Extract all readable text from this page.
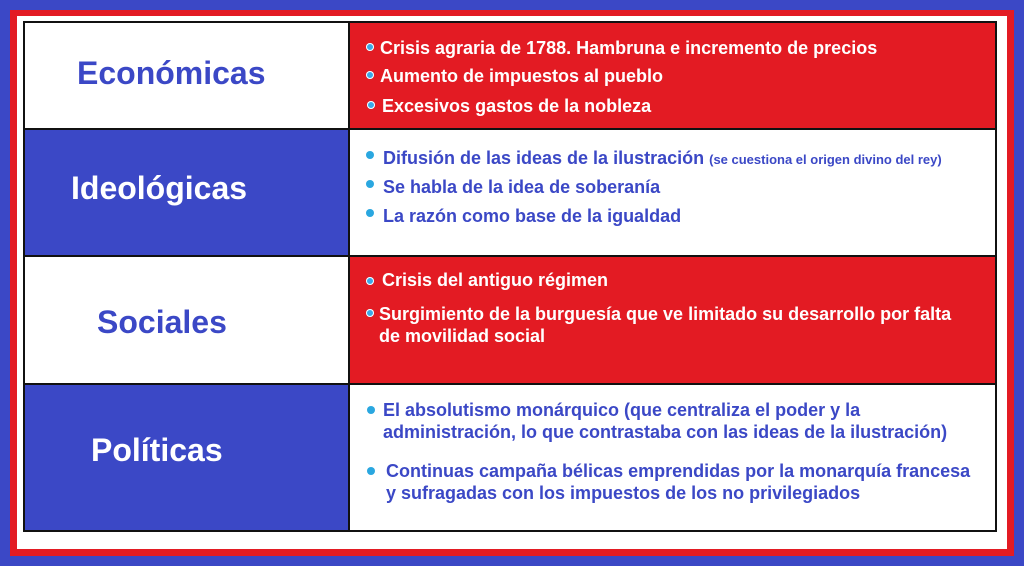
Económicas
Crisis agraria de 1788. Hambruna e incremento de precios
Aumento de impuestos al pueblo
Excesivos gastos de la nobleza
Ideológicas
Difusión de las ideas de la ilustración (se cuestiona el origen divino del rey)
Se habla de la idea de soberanía
La razón como base de la igualdad
Sociales
Crisis del antiguo régimen
Surgimiento de la burguesía que ve limitado su desarrollo por falta de movilidad social
Políticas
El absolutismo monárquico (que centraliza el poder y la administración, lo que contrastaba con las ideas de la ilustración)
Continuas campaña bélicas emprendidas por la monarquía francesa y sufragadas con los impuestos de los no privilegiados
